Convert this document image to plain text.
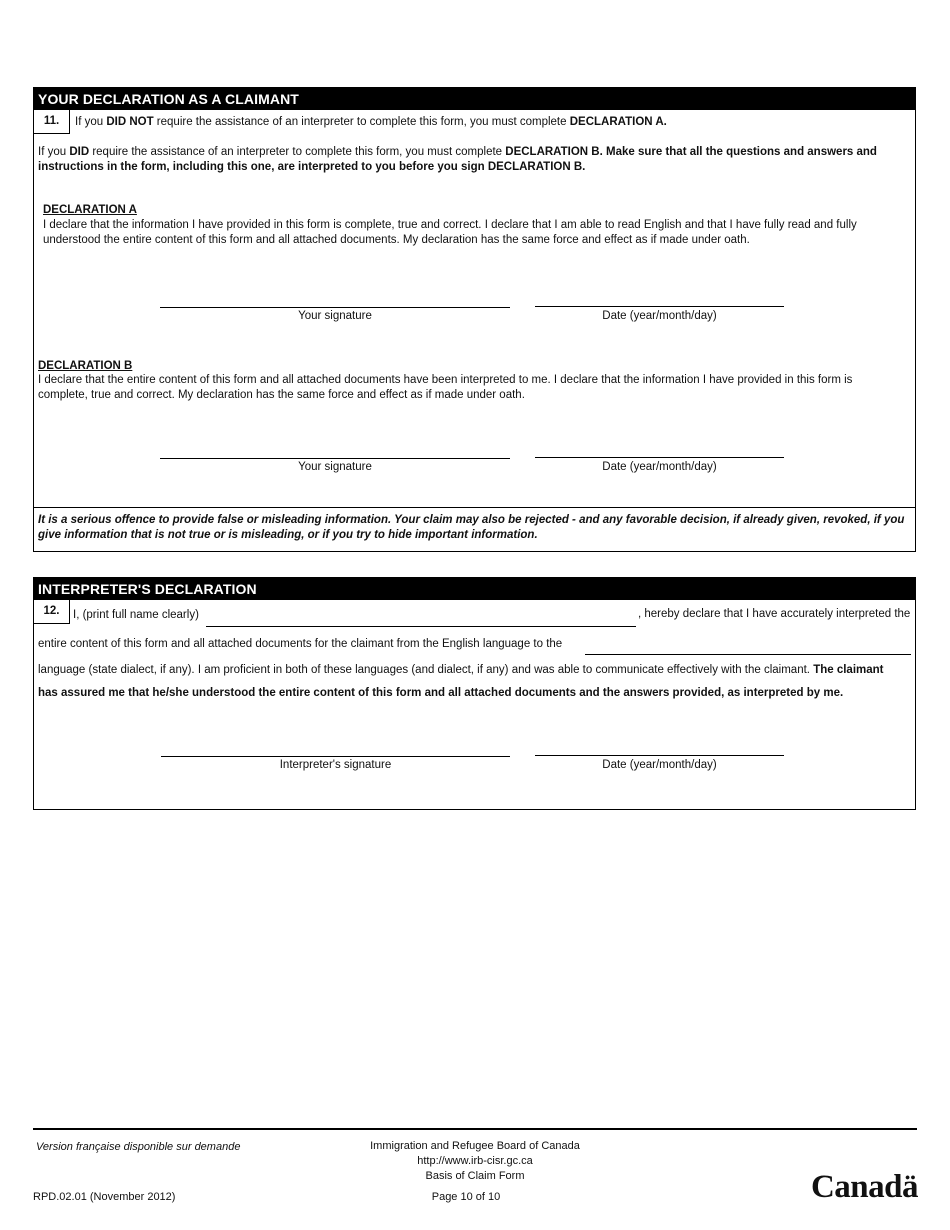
YOUR DECLARATION AS A CLAIMANT
11.	If you DID NOT require the assistance of an interpreter to complete this form, you must complete DECLARATION A.
If you DID require the assistance of an interpreter to complete this form, you must complete DECLARATION B. Make sure that all the questions and answers and instructions in the form, including this one, are interpreted to you before you sign DECLARATION B.
DECLARATION A
I declare that the information I have provided in this form is complete, true and correct. I declare that I am able to read English and that I have fully read and fully understood the entire content of this form and all attached documents. My declaration has the same force and effect as if made under oath.
Your signature	Date (year/month/day)
DECLARATION B
I declare that the entire content of this form and all attached documents have been interpreted to me. I declare that the information I have provided in this form is complete, true and correct. My declaration has the same force and effect as if made under oath.
Your signature	Date (year/month/day)
It is a serious offence to provide false or misleading information. Your claim may also be rejected - and any favorable decision, if already given, revoked, if you give information that is not true or is misleading, or if you try to hide important information.
INTERPRETER'S DECLARATION
12.	I, (print full name clearly)	, hereby declare that I have accurately interpreted the
entire content of this form and all attached documents for the claimant from the English language to the
language (state dialect, if any). I am proficient in both of these languages (and dialect, if any) and was able to communicate effectively with the claimant. The claimant
has assured me that he/she understood the entire content of this form and all attached documents and the answers provided, as interpreted by me.
Interpreter's signature	Date (year/month/day)
Version française disponible sur demande	Immigration and Refugee Board of Canada
http://www.irb-cisr.gc.ca
Basis of Claim Form
RPD.02.01 (November 2012)	Page 10 of 10	Canadä
